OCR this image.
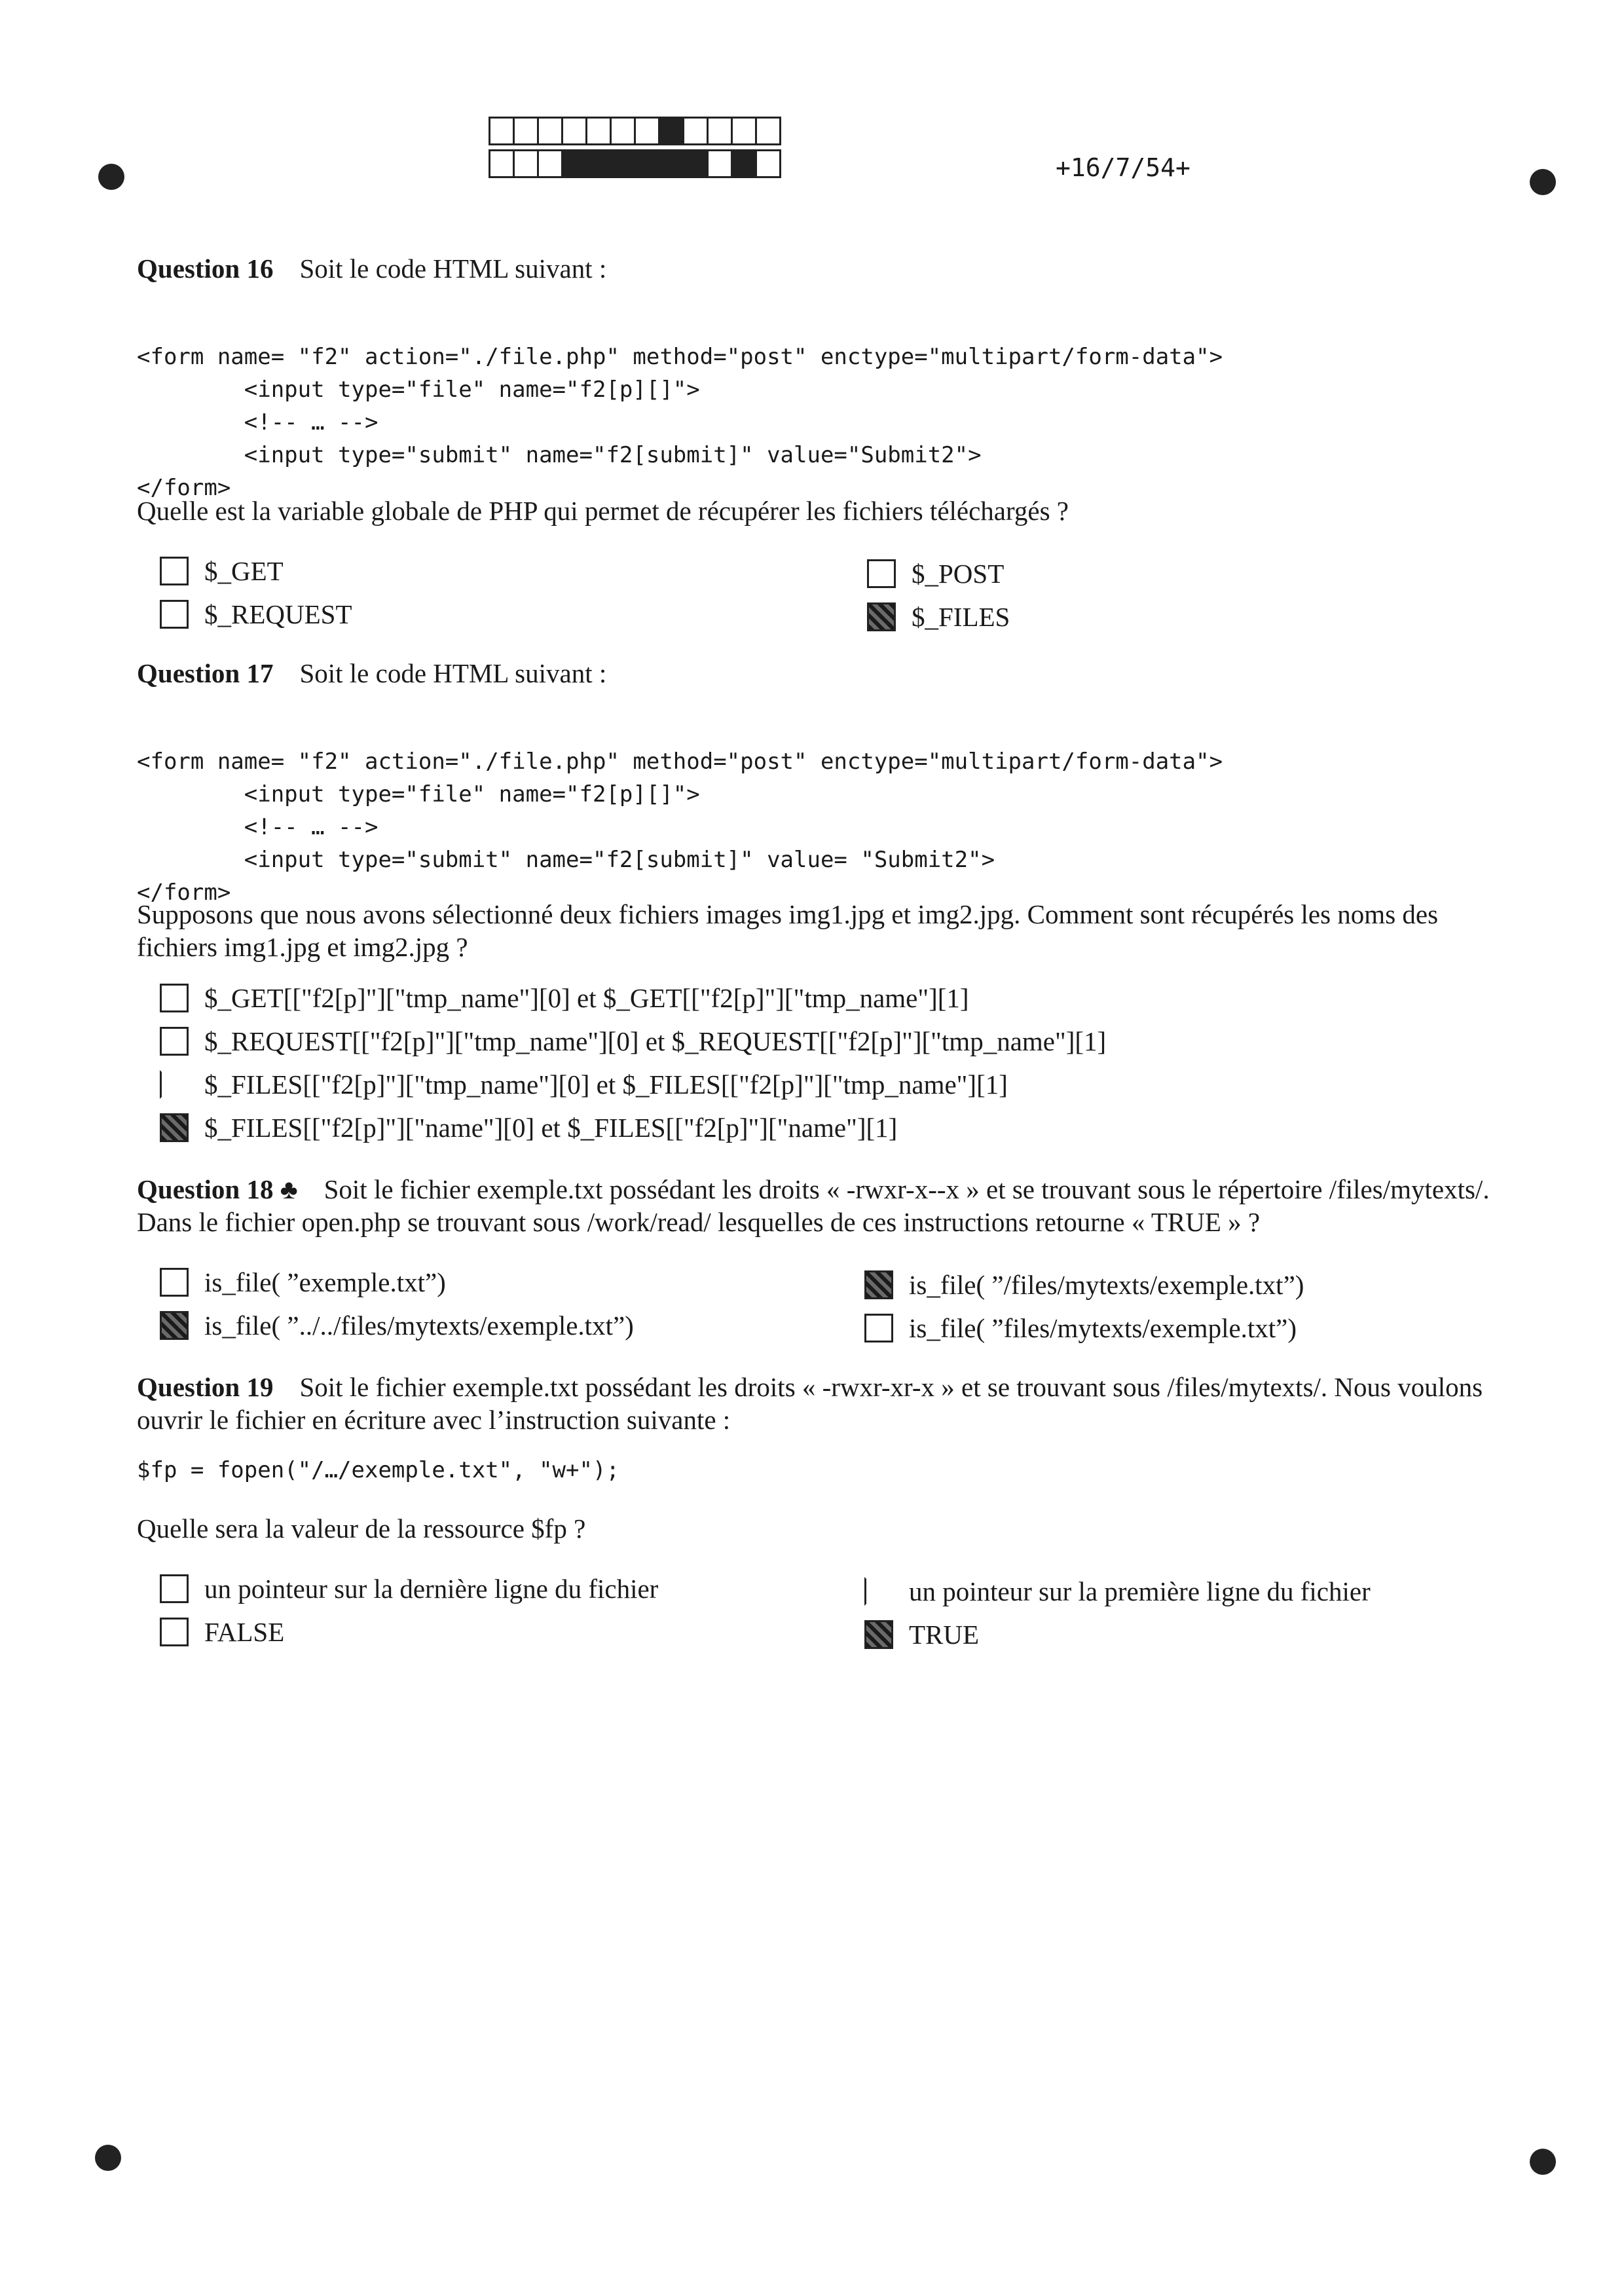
+16/7/54+
Question 16 Soit le code HTML suivant :

<form name= "f2" action="./file.php" method="post" enctype="multipart/form-data">
<input type="file" name="f2[p][]">
<!-- … -->
<input type="submit" name="f2[submit]" value="Submit2">
</form>

Quelle est la variable globale de PHP qui permet de récupérer les fichiers téléchargés ?
$_GET	$_POST
$_REQUEST	$_FILES
Question 17 Soit le code HTML suivant :

<form name= "f2" action="./file.php" method="post" enctype="multipart/form-data">
<input type="file" name="f2[p][]">
<!-- … -->
<input type="submit" name="f2[submit]" value= "Submit2">
</form>

Supposons que nous avons sélectionné deux fichiers images img1.jpg et img2.jpg. Comment sont récupérés les noms des
fichiers img1.jpg et img2.jpg ?
$_GET[["f2[p]"]["tmp_name"][0] et $_GET[["f2[p]"]["tmp_name"][1]
$_REQUEST[["f2[p]"]["tmp_name"][0] et $_REQUEST[["f2[p]"]["tmp_name"][1]
$_FILES[["f2[p]"]["tmp_name"][0] et $_FILES[["f2[p]"]["tmp_name"][1]
$_FILES[["f2[p]"]["name"][0] et $_FILES[["f2[p]"]["name"][1]
Question 18 ♣ Soit le fichier exemple.txt possédant les droits « -rwxr-x--x » et se trouvant sous le répertoire /files/mytexts/.
Dans le fichier open.php se trouvant sous /work/read/ lesquelles de ces instructions retourne « TRUE » ?
is_file( ”exemple.txt”)	is_file( ”/files/mytexts/exemple.txt”)
is_file( ”../../files/mytexts/exemple.txt”)	is_file( ”files/mytexts/exemple.txt”)
Question 19 Soit le fichier exemple.txt possédant les droits « -rwxr-xr-x » et se trouvant sous /files/mytexts/. Nous voulons
ouvrir le fichier en écriture avec l’instruction suivante :
$fp = fopen("/…/exemple.txt", "w+");
Quelle sera la valeur de la ressource $fp ?
un pointeur sur la dernière ligne du fichier	un pointeur sur la première ligne du fichier
FALSE	TRUE
